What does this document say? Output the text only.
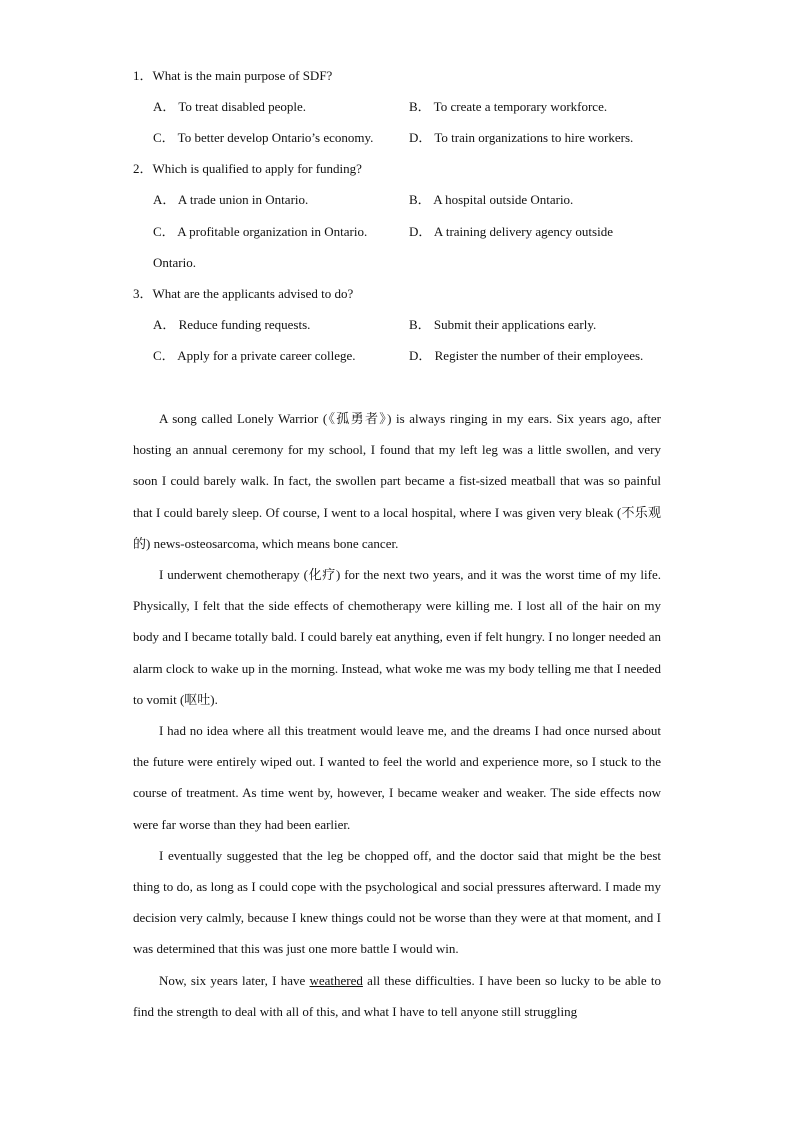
1．What is the main purpose of SDF?
A． To treat disabled people.	B． To create a temporary workforce.
C． To better develop Ontario’s economy.	D． To train organizations to hire workers.
2．Which is qualified to apply for funding?
A． A trade union in Ontario.	B． A hospital outside Ontario.
C． A profitable organization in Ontario.	D． A training delivery agency outside
Ontario.
3．What are the applicants advised to do?
A． Reduce funding requests.	B． Submit their applications early.
C． Apply for a private career college.	D． Register the number of their employees.

A song called Lonely Warrior (《孤勇者》) is always ringing in my ears. Six years ago, after hosting an annual ceremony for my school, I found that my left leg was a little swollen, and very soon I could barely walk. In fact, the swollen part became a fist-sized meatball that was so painful that I could barely sleep. Of course, I went to a local hospital, where I was given very bleak (不乐观的) news-osteosarcoma, which means bone cancer.

I underwent chemotherapy (化疗) for the next two years, and it was the worst time of my life. Physically, I felt that the side effects of chemotherapy were killing me. I lost all of the hair on my body and I became totally bald. I could barely eat anything, even if felt hungry. I no longer needed an alarm clock to wake up in the morning. Instead, what woke me was my body telling me that I needed to vomit (呕吐).

I had no idea where all this treatment would leave me, and the dreams I had once nursed about the future were entirely wiped out. I wanted to feel the world and experience more, so I stuck to the course of treatment. As time went by, however, I became weaker and weaker. The side effects now were far worse than they had been earlier.

I eventually suggested that the leg be chopped off, and the doctor said that might be the best thing to do, as long as I could cope with the psychological and social pressures afterward. I made my decision very calmly, because I knew things could not be worse than they were at that moment, and I was determined that this was just one more battle I would win.

Now, six years later, I have weathered all these difficulties. I have been so lucky to be able to find the strength to deal with all of this, and what I have to tell anyone still struggling
